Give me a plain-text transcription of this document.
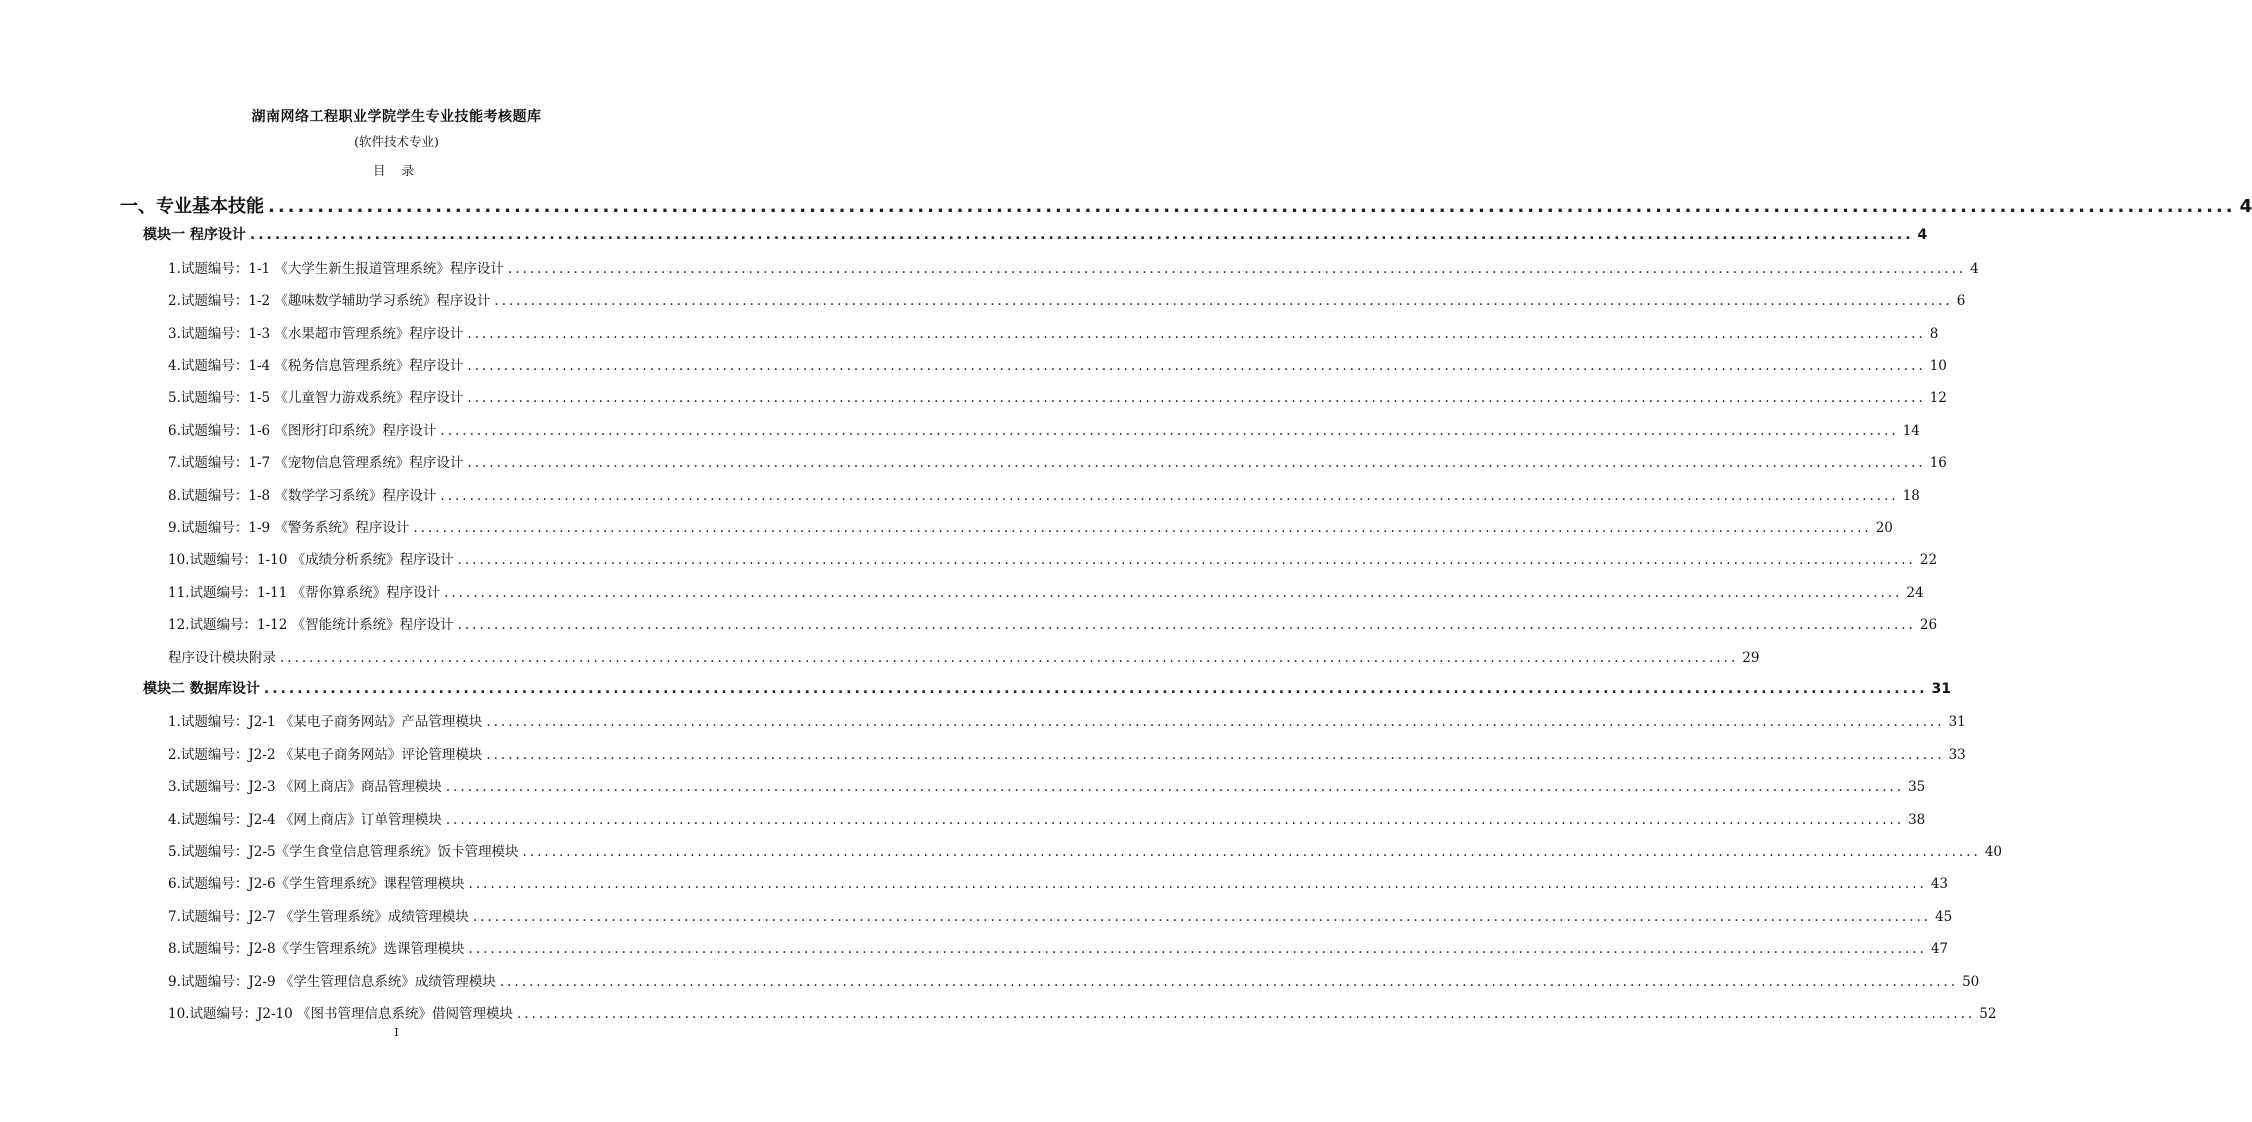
湖南网络工程职业学院学生专业技能考核题库
(软件技术专业)
目 录
一、专业基本技能 ........................................................................................................................................................................................................ 4
模块一 程序设计 ........................................................................................................................................................................................................ 4
1.试题编号：1-1 《大学生新生报道管理系统》程序设计 ........................................................................................................................................................................................................ 4
2.试题编号：1-2 《趣味数学辅助学习系统》程序设计 ........................................................................................................................................................................................................ 6
3.试题编号：1-3 《水果超市管理系统》程序设计 ........................................................................................................................................................................................................ 8
4.试题编号：1-4 《税务信息管理系统》程序设计 ........................................................................................................................................................................................................ 10
5.试题编号：1-5 《儿童智力游戏系统》程序设计 ........................................................................................................................................................................................................ 12
6.试题编号：1-6 《图形打印系统》程序设计 ........................................................................................................................................................................................................ 14
7.试题编号：1-7 《宠物信息管理系统》程序设计 ........................................................................................................................................................................................................ 16
8.试题编号：1-8 《数学学习系统》程序设计 ........................................................................................................................................................................................................ 18
9.试题编号：1-9 《警务系统》程序设计 ........................................................................................................................................................................................................ 20
10.试题编号：1-10 《成绩分析系统》程序设计 ........................................................................................................................................................................................................ 22
11.试题编号：1-11 《帮你算系统》程序设计 ........................................................................................................................................................................................................ 24
12.试题编号：1-12 《智能统计系统》程序设计 ........................................................................................................................................................................................................ 26
程序设计模块附录 ........................................................................................................................................................................................................ 29
模块二 数据库设计 ........................................................................................................................................................................................................ 31
1.试题编号：J2-1 《某电子商务网站》产品管理模块 ........................................................................................................................................................................................................ 31
2.试题编号：J2-2 《某电子商务网站》评论管理模块 ........................................................................................................................................................................................................ 33
3.试题编号：J2-3 《网上商店》商品管理模块 ........................................................................................................................................................................................................ 35
4.试题编号：J2-4 《网上商店》订单管理模块 ........................................................................................................................................................................................................ 38
5.试题编号：J2-5《学生食堂信息管理系统》饭卡管理模块 ........................................................................................................................................................................................................ 40
6.试题编号：J2-6《学生管理系统》课程管理模块 ........................................................................................................................................................................................................ 43
7.试题编号：J2-7 《学生管理系统》成绩管理模块 ........................................................................................................................................................................................................ 45
8.试题编号：J2-8《学生管理系统》选课管理模块 ........................................................................................................................................................................................................ 47
9.试题编号：J2-9 《学生管理信息系统》成绩管理模块 ........................................................................................................................................................................................................ 50
10.试题编号：J2-10 《图书管理信息系统》借阅管理模块 ........................................................................................................................................................................................................ 52
I
